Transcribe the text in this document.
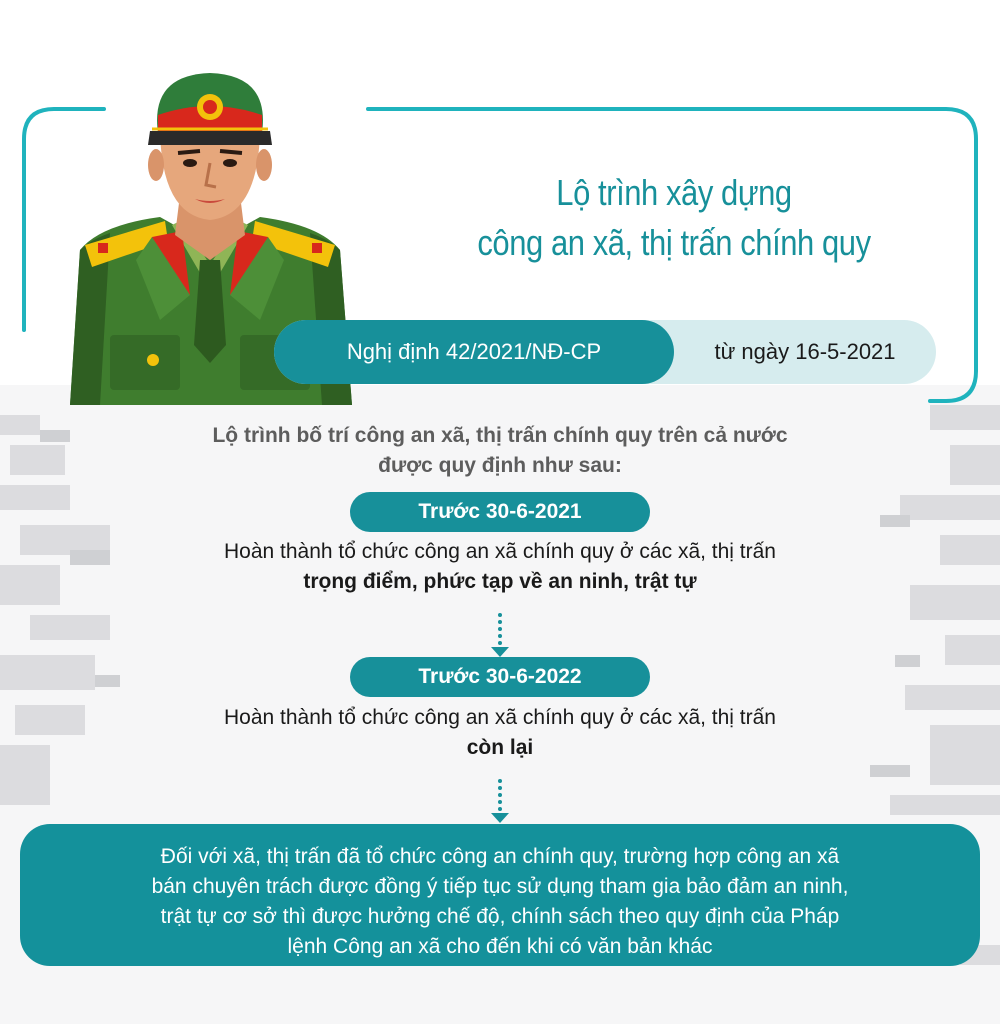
Lộ trình xây dựng
công an xã, thị trấn chính quy
Nghị định 42/2021/NĐ-CP	từ ngày 16-5-2021
Lộ trình bố trí công an xã, thị trấn chính quy trên cả nước
được quy định như sau:
Trước 30-6-2021
Hoàn thành tổ chức công an xã chính quy ở các xã, thị trấn
trọng điểm, phức tạp về an ninh, trật tự
Trước 30-6-2022
Hoàn thành tổ chức công an xã chính quy ở các xã, thị trấn
còn lại
Đối với xã, thị trấn đã tổ chức công an chính quy, trường hợp công an xã
bán chuyên trách được đồng ý tiếp tục sử dụng tham gia bảo đảm an ninh,
trật tự cơ sở thì được hưởng chế độ, chính sách theo quy định của Pháp
lệnh Công an xã cho đến khi có văn bản khác
